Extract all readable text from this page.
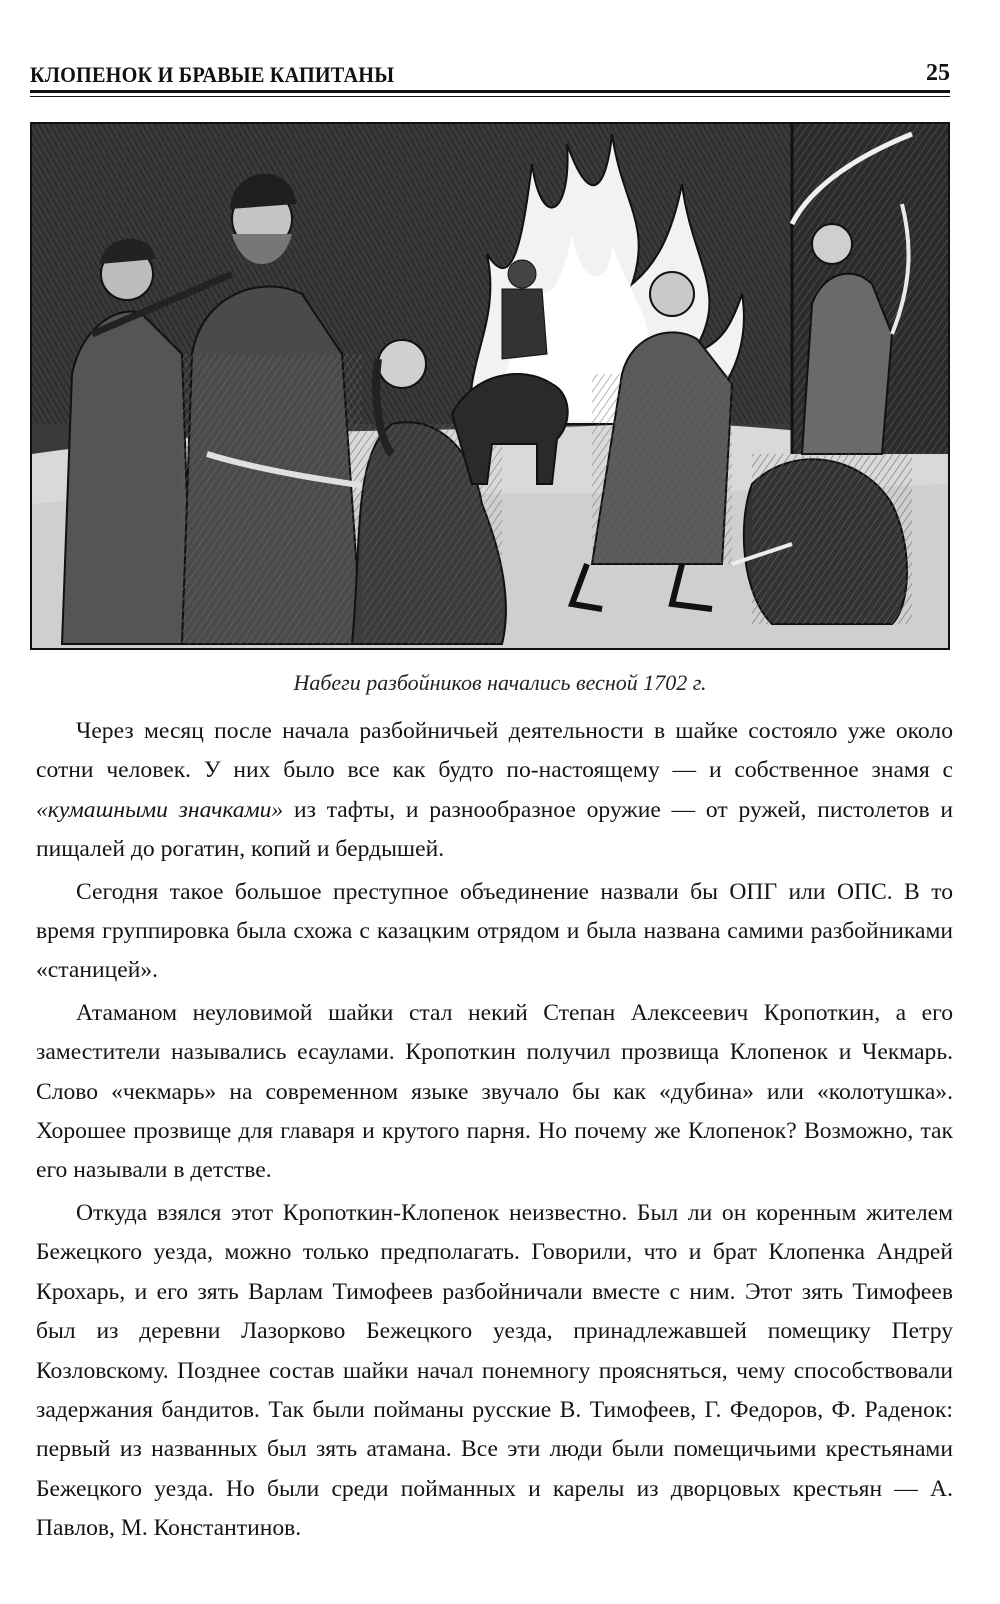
КЛОПЕНОК И БРАВЫЕ КАПИТАНЫ	25
Набеги разбойников начались весной 1702 г.

Через месяц после начала разбойничьей деятельности в шайке состояло уже около сотни человек. У них было все как будто по-настоящему — и собственное знамя с «кумашными значками» из тафты, и разнообразное оружие — от ружей, пистолетов и пищалей до рогатин, копий и бердышей.

Сегодня такое большое преступное объединение назвали бы ОПГ или ОПС. В то время группировка была схожа с казацким отрядом и была названа самими разбойниками «станицей».

Атаманом неуловимой шайки стал некий Степан Алексеевич Кропоткин, а его заместители назывались есаулами. Кропоткин получил прозвища Клопенок и Чекмарь. Слово «чекмарь» на современном языке звучало бы как «дубина» или «колотушка». Хорошее прозвище для главаря и крутого парня. Но почему же Клопенок? Возможно, так его называли в детстве.

Откуда взялся этот Кропоткин-Клопенок неизвестно. Был ли он коренным жителем Бежецкого уезда, можно только предполагать. Говорили, что и брат Клопенка Андрей Крохарь, и его зять Варлам Тимофеев разбойничали вместе с ним. Этот зять Тимофеев был из деревни Лазорково Бежецкого уезда, принадлежавшей помещику Петру Козловскому. Позднее состав шайки начал понемногу проясняться, чему способствовали задержания бандитов. Так были пойманы русские В. Тимофеев, Г. Федоров, Ф. Раденок: первый из названных был зять атамана. Все эти люди были помещичьими крестьянами Бежецкого уезда. Но были среди пойманных и карелы из дворцовых крестьян — А. Павлов, М. Константинов.
